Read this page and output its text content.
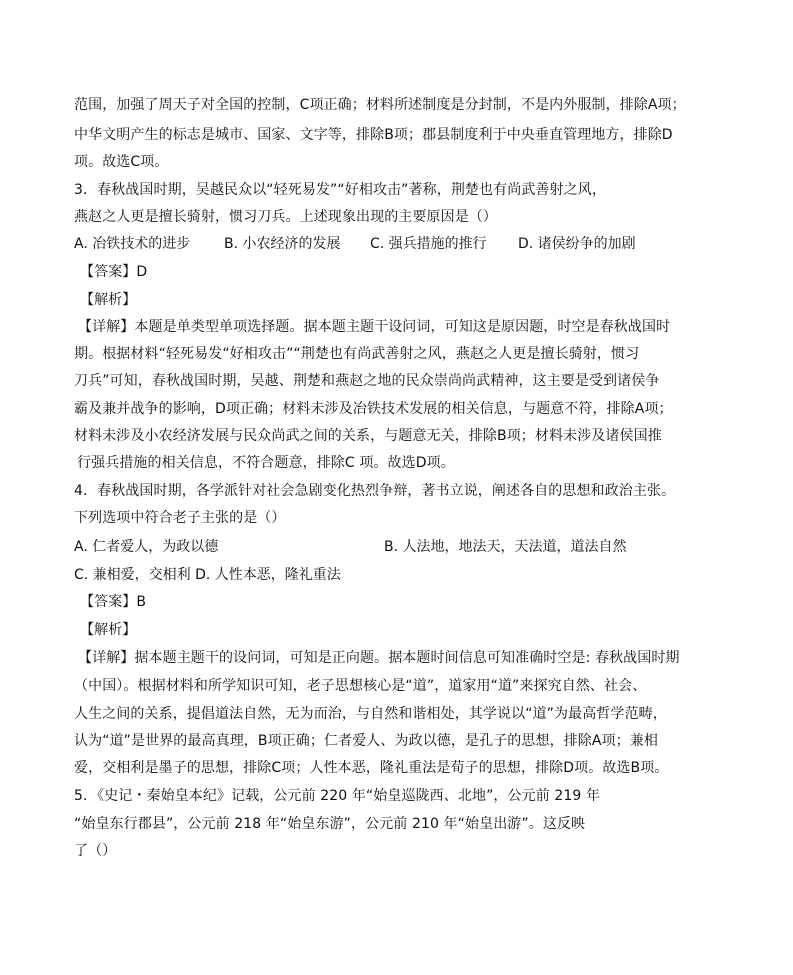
范围，加强了周天子对全国的控制，C项正确；材料所述制度是分封制，不是内外服制，排除A项；
中华文明产生的标志是城市、国家、文字等，排除B项；郡县制度利于中央垂直管理地方，排除D
项。故选C项。
3．春秋战国时期，吴越民众以“轻死易发”“好相攻击”著称，荆楚也有尚武善射之风，
燕赵之人更是擅长骑射，惯习刀兵。上述现象出现的主要原因是（）
A. 冶铁技术的进步 B. 小农经济的发展 C. 强兵措施的推行 D. 诸侯纷争的加剧
【答案】D
【解析】
【详解】本题是单类型单项选择题。据本题主题干设问词，可知这是原因题，时空是春秋战国时
期。根据材料“轻死易发“好相攻击”“荆楚也有尚武善射之风，燕赵之人更是擅长骑射，惯习
刀兵”可知，春秋战国时期，吴越、荆楚和燕赵之地的民众崇尚尚武精神，这主要是受到诸侯争
霸及兼并战争的影响，D项正确；材料未涉及冶铁技术发展的相关信息，与题意不符，排除A项；
材料未涉及小农经济发展与民众尚武之间的关系，与题意无关，排除B项；材料未涉及诸侯国推
行强兵措施的相关信息，不符合题意，排除C 项。故选D项。
4．春秋战国时期，各学派针对社会急剧变化热烈争辩，著书立说，阐述各自的思想和政治主张。
下列选项中符合老子主张的是（）
A. 仁者爱人，为政以德	B. 人法地，地法天，天法道，道法自然
C. 兼相爱，交相利 D. 人性本恶，隆礼重法
【答案】B
【解析】
【详解】据本题主题干的设问词，可知是正向题。据本题时间信息可知准确时空是: 春秋战国时期
（中国）。根据材料和所学知识可知，老子思想核心是“道”，道家用“道”来探究自然、社会、
人生之间的关系，提倡道法自然，无为而治，与自然和谐相处，其学说以“道”为最高哲学范畴，
认为“道”是世界的最高真理，B项正确；仁者爱人、为政以德，是孔子的思想，排除A项；兼相
爱，交相利是墨子的思想，排除C项；人性本恶，隆礼重法是荀子的思想，排除D项。故选B项。
5．《史记・秦始皇本纪》记载，公元前 220 年“始皇巡陇西、北地”，公元前 219 年
“始皇东行郡县”，公元前 218 年“始皇东游”，公元前 210 年“始皇出游”。这反映
了（）
